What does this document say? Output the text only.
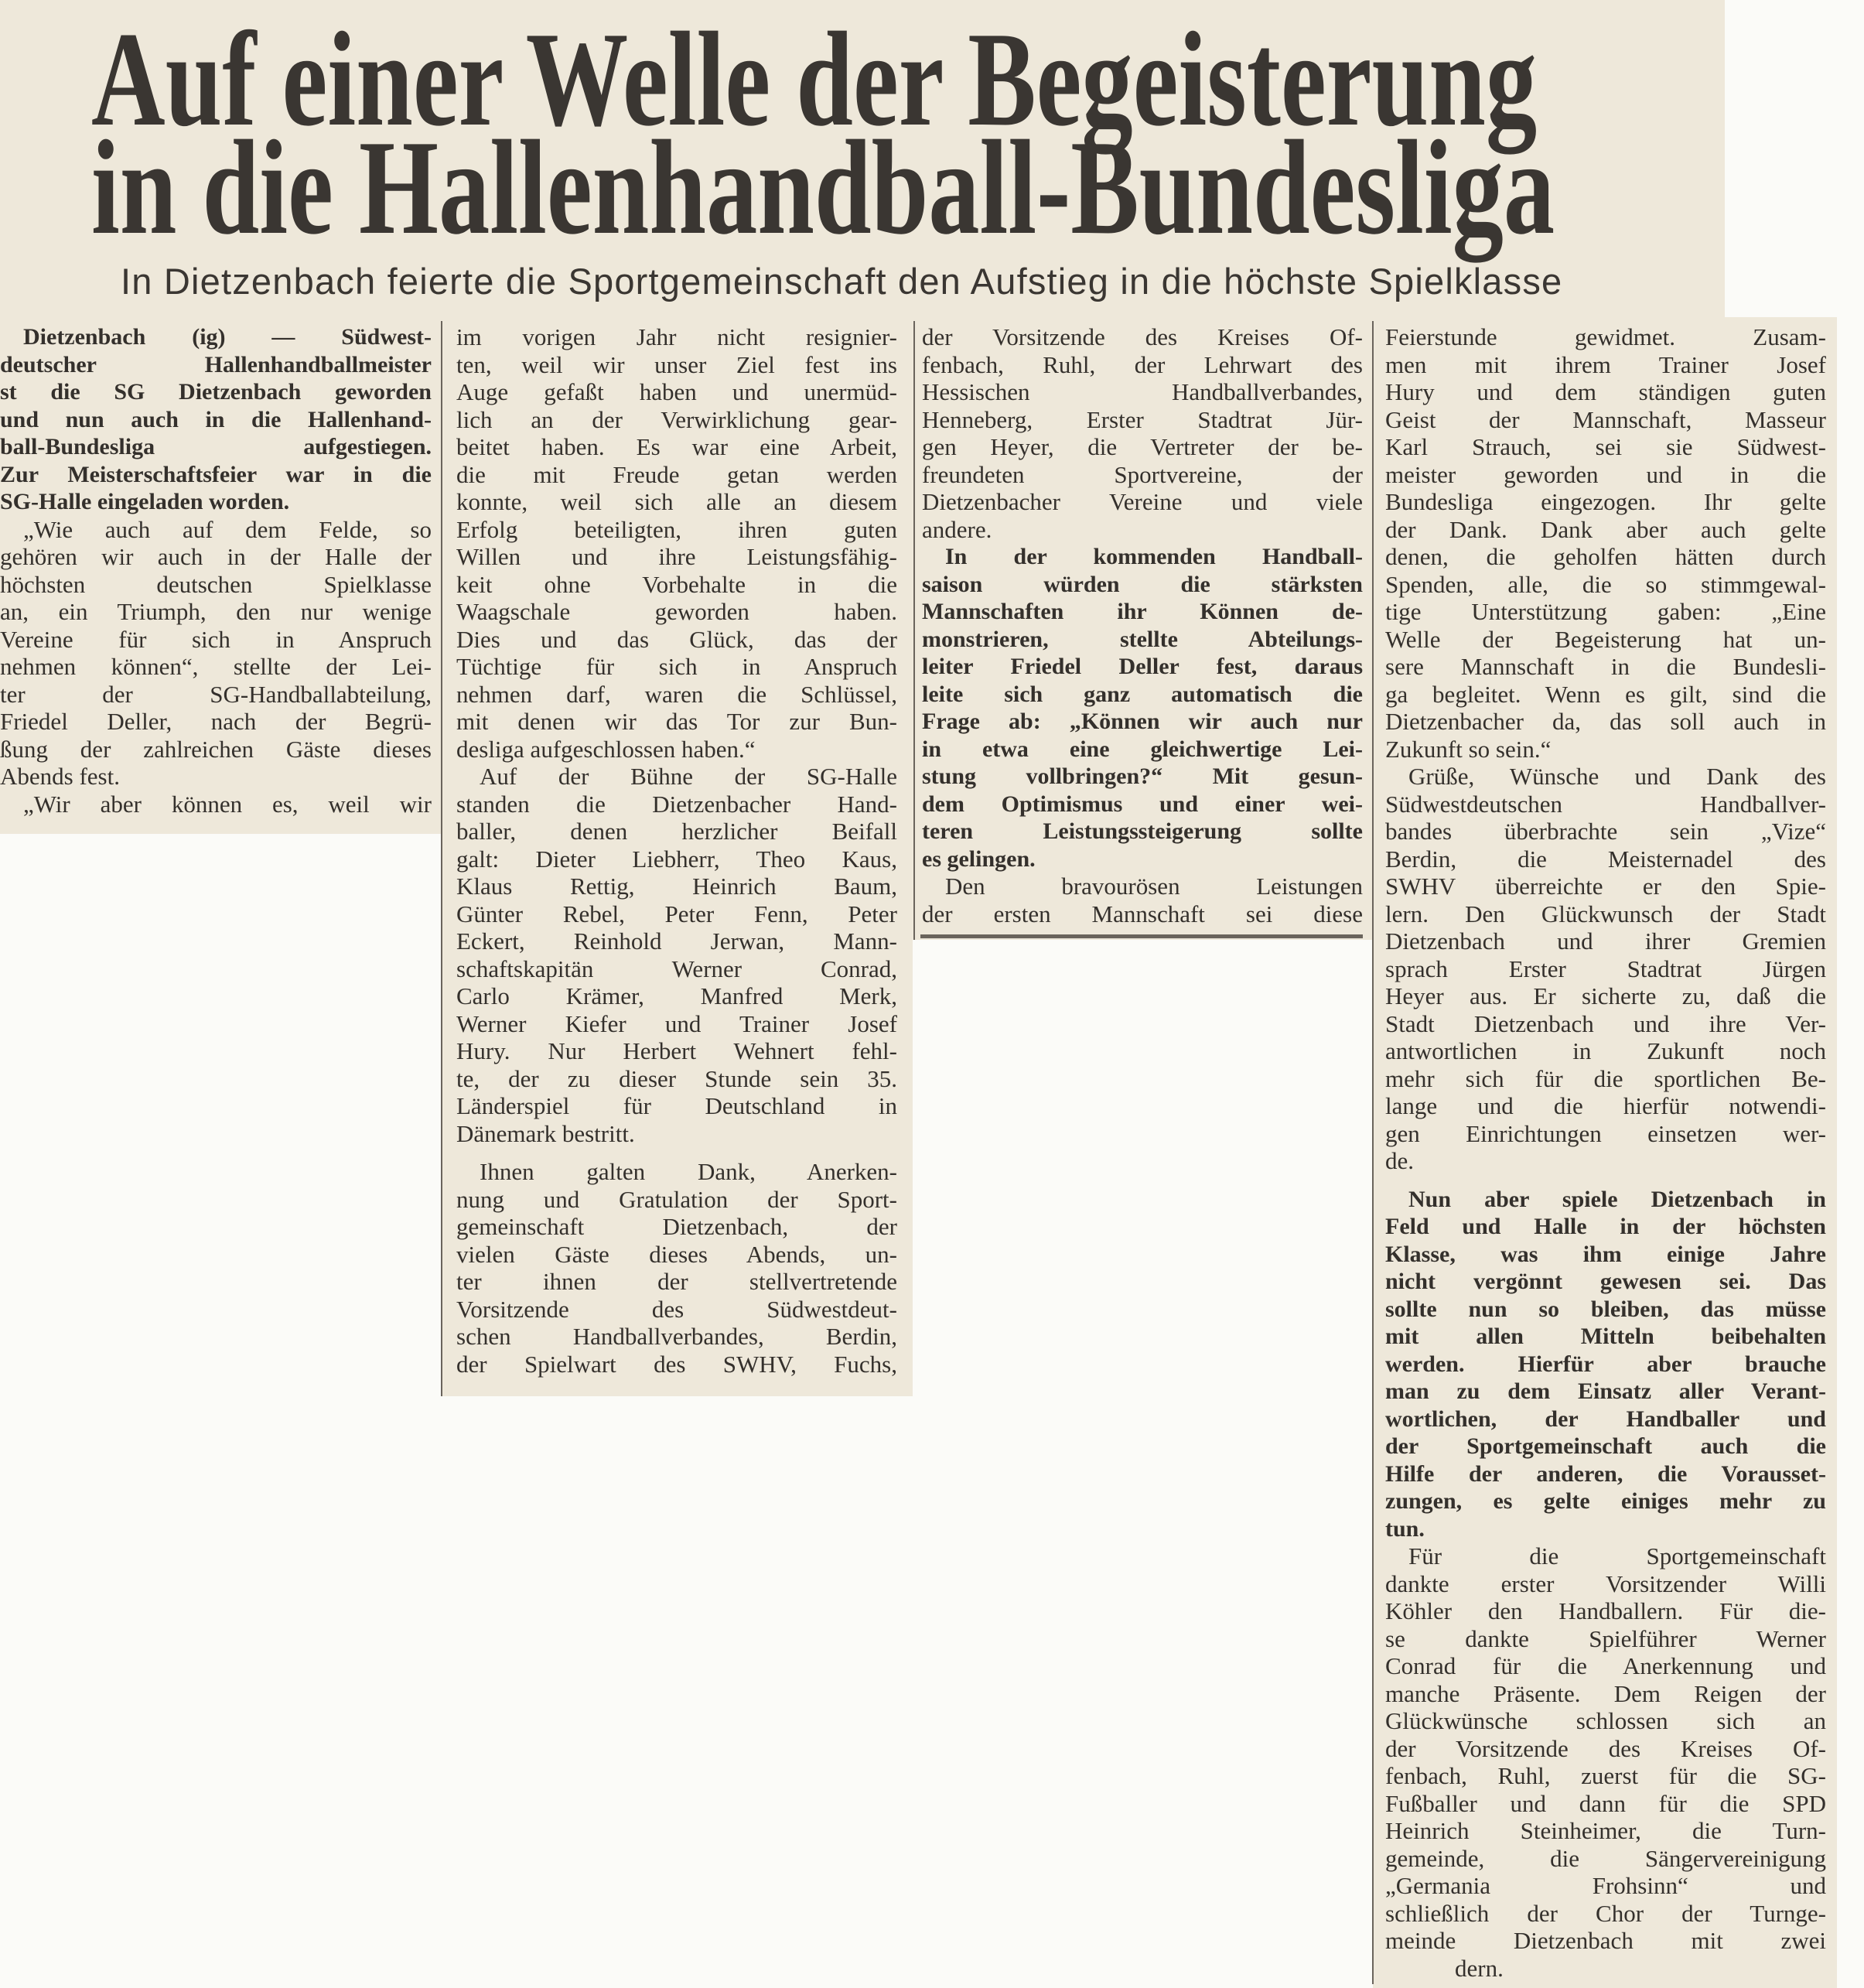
Auf einer Welle der Begeisterung
in die Hallenhandball-Bundesliga
In Dietzenbach feierte die Sportgemeinschaft den Aufstieg in die höchste Spielklasse
Dietzenbach (ig) — Südwest-
deutscher Hallenhandballmeister
st die SG Dietzenbach geworden
und nun auch in die Hallenhand-
ball-Bundesliga aufgestiegen.
Zur Meisterschaftsfeier war in die
SG-Halle eingeladen worden.
„Wie auch auf dem Felde, so
gehören wir auch in der Halle der
höchsten deutschen Spielklasse
an, ein Triumph, den nur wenige
Vereine für sich in Anspruch
nehmen können“, stellte der Lei-
ter der SG-Handballabteilung,
Friedel Deller, nach der Begrü-
ßung der zahlreichen Gäste dieses
Abends fest.
„Wir aber können es, weil wir
im vorigen Jahr nicht resignier-
ten, weil wir unser Ziel fest ins
Auge gefaßt haben und unermüd-
lich an der Verwirklichung gear-
beitet haben. Es war eine Arbeit,
die mit Freude getan werden
konnte, weil sich alle an diesem
Erfolg beteiligten, ihren guten
Willen und ihre Leistungsfähig-
keit ohne Vorbehalte in die
Waagschale geworden haben.
Dies und das Glück, das der
Tüchtige für sich in Anspruch
nehmen darf, waren die Schlüssel,
mit denen wir das Tor zur Bun-
desliga aufgeschlossen haben.“
Auf der Bühne der SG-Halle
standen die Dietzenbacher Hand-
baller, denen herzlicher Beifall
galt: Dieter Liebherr, Theo Kaus,
Klaus Rettig, Heinrich Baum,
Günter Rebel, Peter Fenn, Peter
Eckert, Reinhold Jerwan, Mann-
schaftskapitän Werner Conrad,
Carlo Krämer, Manfred Merk,
Werner Kiefer und Trainer Josef
Hury. Nur Herbert Wehnert fehl-
te, der zu dieser Stunde sein 35.
Länderspiel für Deutschland in
Dänemark bestritt.
Ihnen galten Dank, Anerken-
nung und Gratulation der Sport-
gemeinschaft Dietzenbach, der
vielen Gäste dieses Abends, un-
ter ihnen der stellvertretende
Vorsitzende des Südwestdeut-
schen Handballverbandes, Berdin,
der Spielwart des SWHV, Fuchs,
der Vorsitzende des Kreises Of-
fenbach, Ruhl, der Lehrwart des
Hessischen Handballverbandes,
Henneberg, Erster Stadtrat Jür-
gen Heyer, die Vertreter der be-
freundeten Sportvereine, der
Dietzenbacher Vereine und viele
andere.
In der kommenden Handball-
saison würden die stärksten
Mannschaften ihr Können de-
monstrieren, stellte Abteilungs-
leiter Friedel Deller fest, daraus
leite sich ganz automatisch die
Frage ab: „Können wir auch nur
in etwa eine gleichwertige Lei-
stung vollbringen?“ Mit gesun-
dem Optimismus und einer wei-
teren Leistungssteigerung sollte
es gelingen.
Den bravourösen Leistungen
der ersten Mannschaft sei diese
Feierstunde gewidmet. Zusam-
men mit ihrem Trainer Josef
Hury und dem ständigen guten
Geist der Mannschaft, Masseur
Karl Strauch, sei sie Südwest-
meister geworden und in die
Bundesliga eingezogen. Ihr gelte
der Dank. Dank aber auch gelte
denen, die geholfen hätten durch
Spenden, alle, die so stimmgewal-
tige Unterstützung gaben: „Eine
Welle der Begeisterung hat un-
sere Mannschaft in die Bundesli-
ga begleitet. Wenn es gilt, sind die
Dietzenbacher da, das soll auch in
Zukunft so sein.“
Grüße, Wünsche und Dank des
Südwestdeutschen Handballver-
bandes überbrachte sein „Vize“
Berdin, die Meisternadel des
SWHV überreichte er den Spie-
lern. Den Glückwunsch der Stadt
Dietzenbach und ihrer Gremien
sprach Erster Stadtrat Jürgen
Heyer aus. Er sicherte zu, daß die
Stadt Dietzenbach und ihre Ver-
antwortlichen in Zukunft noch
mehr sich für die sportlichen Be-
lange und die hierfür notwendi-
gen Einrichtungen einsetzen wer-
de.
Nun aber spiele Dietzenbach in
Feld und Halle in der höchsten
Klasse, was ihm einige Jahre
nicht vergönnt gewesen sei. Das
sollte nun so bleiben, das müsse
mit allen Mitteln beibehalten
werden. Hierfür aber brauche
man zu dem Einsatz aller Verant-
wortlichen, der Handballer und
der Sportgemeinschaft auch die
Hilfe der anderen, die Vorausset-
zungen, es gelte einiges mehr zu
tun.
Für die Sportgemeinschaft
dankte erster Vorsitzender Willi
Köhler den Handballern. Für die-
se dankte Spielführer Werner
Conrad für die Anerkennung und
manche Präsente. Dem Reigen der
Glückwünsche schlossen sich an
der Vorsitzende des Kreises Of-
fenbach, Ruhl, zuerst für die SG-
Fußballer und dann für die SPD
Heinrich Steinheimer, die Turn-
gemeinde, die Sängervereinigung
„Germania Frohsinn“ und
schließlich der Chor der Turnge-
meinde Dietzenbach mit zwei
dern.
